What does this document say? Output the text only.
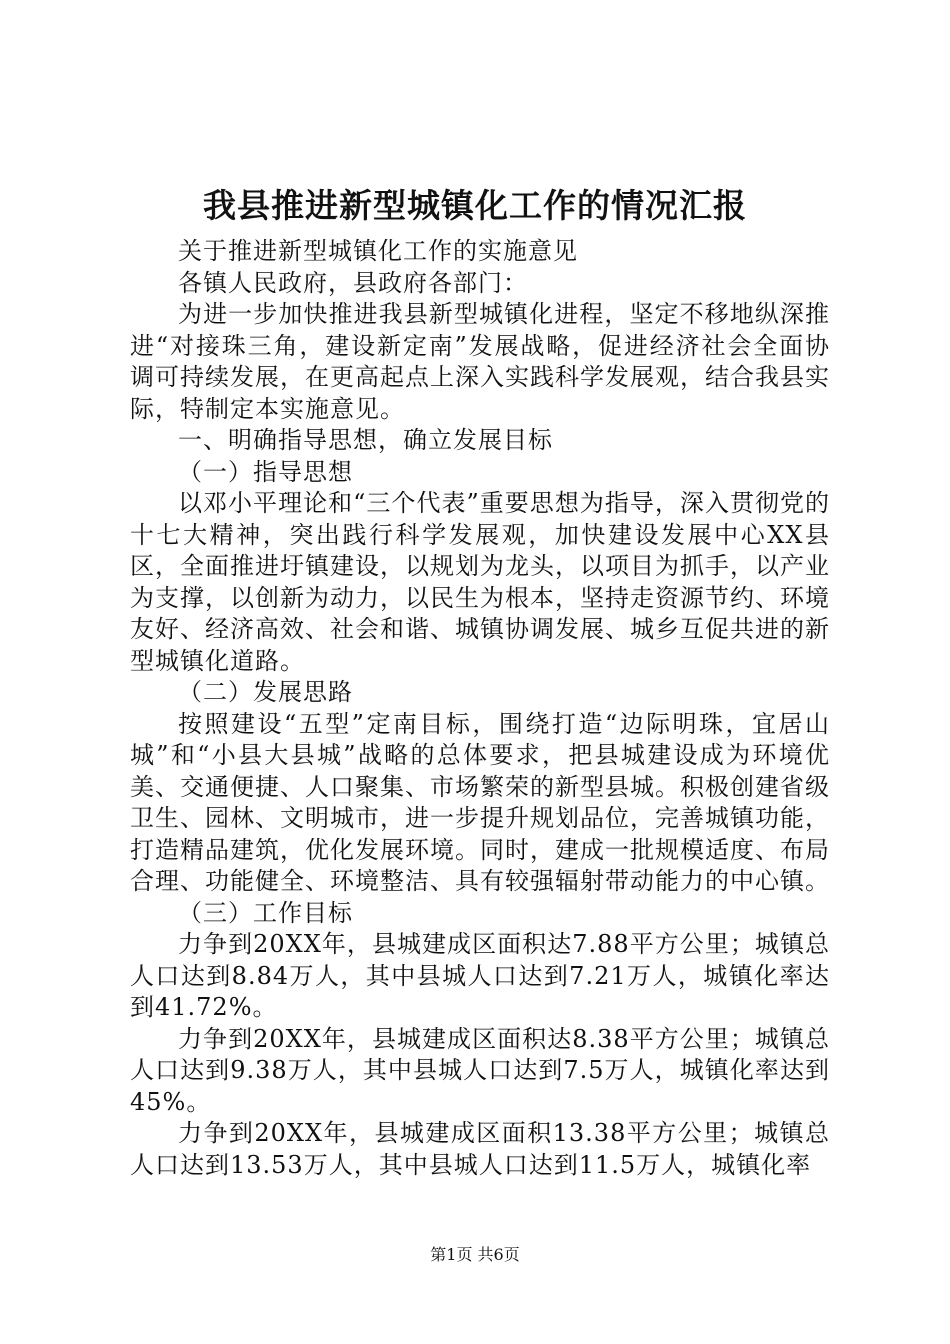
我县推进新型城镇化工作的情况汇报

关于推进新型城镇化工作的实施意见

各镇人民政府，县政府各部门：

为进一步加快推进我县新型城镇化进程，坚定不移地纵深推进“对接珠三角，建设新定南”发展战略，促进经济社会全面协调可持续发展，在更高起点上深入实践科学发展观，结合我县实际，特制定本实施意见。

一、明确指导思想，确立发展目标

（一）指导思想

以邓小平理论和“三个代表”重要思想为指导，深入贯彻党的十七大精神，突出践行科学发展观，加快建设发展中心XX县区，全面推进圩镇建设，以规划为龙头，以项目为抓手，以产业为支撑，以创新为动力，以民生为根本，坚持走资源节约、环境友好、经济高效、社会和谐、城镇协调发展、城乡互促共进的新型城镇化道路。

（二）发展思路

按照建设“五型”定南目标，围绕打造“边际明珠，宜居山城”和“小县大县城”战略的总体要求，把县城建设成为环境优美、交通便捷、人口聚集、市场繁荣的新型县城。积极创建省级卫生、园林、文明城市，进一步提升规划品位，完善城镇功能，打造精品建筑，优化发展环境。同时，建成一批规模适度、布局合理、功能健全、环境整洁、具有较强辐射带动能力的中心镇。

（三）工作目标

力争到20XX年，县城建成区面积达7.88平方公里；城镇总人口达到8.84万人，其中县城人口达到7.21万人，城镇化率达到41.72%。

力争到20XX年，县城建成区面积达8.38平方公里；城镇总人口达到9.38万人，其中县城人口达到7.5万人，城镇化率达到45%。

力争到20XX年，县城建成区面积13.38平方公里；城镇总人口达到13.53万人，其中县城人口达到11.5万人，城镇化率

第1页 共6页
